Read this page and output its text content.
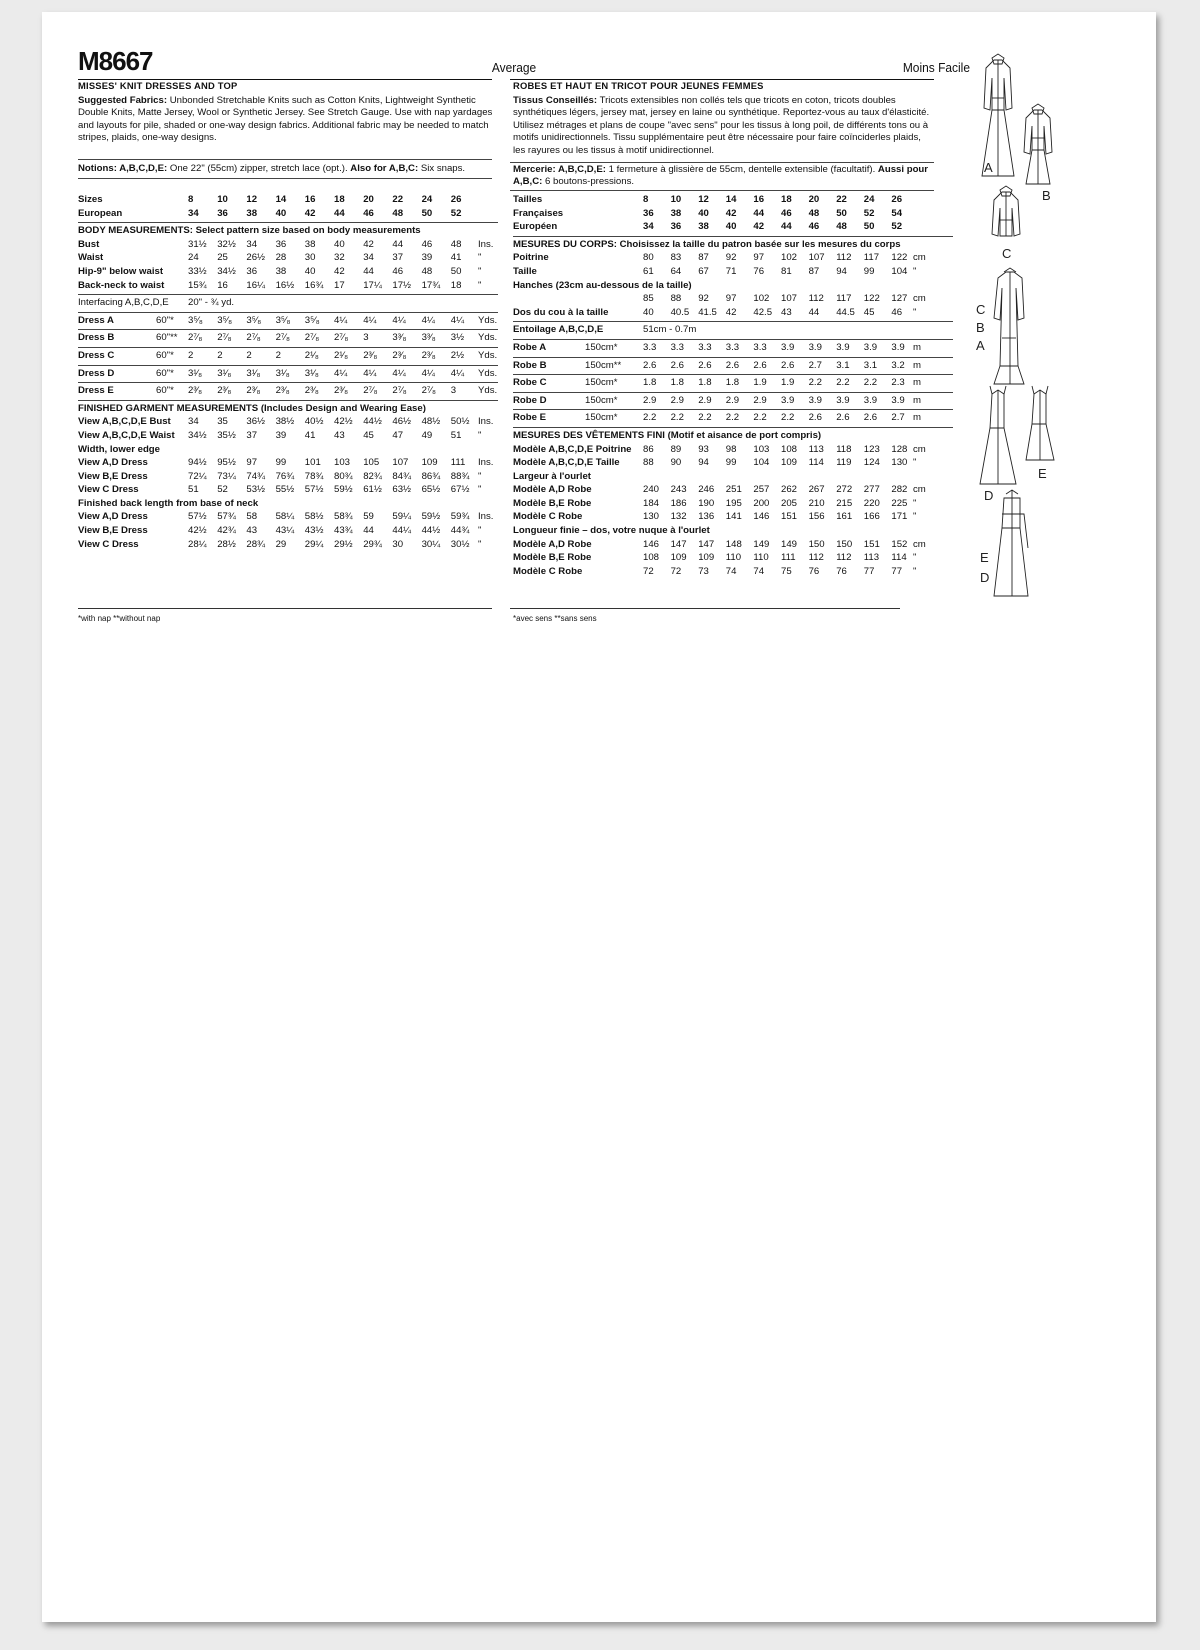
M8667	Average	Moins Facile
MISSES' KNIT DRESSES AND TOP	ROBES ET HAUT EN TRICOT POUR JEUNES FEMMES
Suggested Fabrics: Unbonded Stretchable Knits such as Cotton Knits, Lightweight Synthetic Double Knits, Matte Jersey, Wool or Synthetic Jersey. See Stretch Gauge. Use with nap yardages and layouts for pile, shaded or one-way design fabrics. Additional fabric may be needed to match stripes, plaids, one-way designs.
Notions: A,B,C,D,E: One 22" (55cm) zipper, stretch lace (opt.). Also for A,B,C: Six snaps.
Sizes	8 10 12 14 16 18 20 22 24 26
European	34 36 38 40 42 44 46 48 50 52
BODY MEASUREMENTS: Select pattern size based on body measurements
Bust	31½ 32½ 34 36 38 40 42 44 46 48 Ins.
Waist	24 25 26½ 28 30 32 34 37 39 41 "
Hip-9" below waist	33½ 34½ 36 38 40 42 44 46 48 50 "
Back-neck to waist 15¾ 16 16¼ 16½ 16¾ 17 17¼ 17½ 17¾ 18 "
Interfacing A,B,C,D,E 20" - ¾ yd.
Dress A	60"* 3⁵⁄₈ 3⁵⁄₈ 3⁵⁄₈ 3⁵⁄₈ 3⁵⁄₈ 4¼ 4¼ 4¼ 4¼ 4¼ Yds.
Dress B	60"** 2⁷⁄₈ 2⁷⁄₈ 2⁷⁄₈ 2⁷⁄₈ 2⁷⁄₈ 2⁷⁄₈ 3 3³⁄₈ 3³⁄₈ 3½ Yds.
Dress C	60"* 2 2 2 2 2¹⁄₈ 2¹⁄₈ 2³⁄₈ 2³⁄₈ 2³⁄₈ 2½ Yds.
Dress D	60"* 3¹⁄₈ 3¹⁄₈ 3¹⁄₈ 3¹⁄₈ 3¹⁄₈ 4¼ 4¼ 4¼ 4¼ 4¼ Yds.
Dress E	60"* 2³⁄₈ 2³⁄₈ 2³⁄₈ 2³⁄₈ 2³⁄₈ 2³⁄₈ 2⁷⁄₈ 2⁷⁄₈ 2⁷⁄₈ 3 Yds.
FINISHED GARMENT MEASUREMENTS (Includes Design and Wearing Ease)
View A,B,C,D,E Bust 34 35 36½ 38½ 40½ 42½ 44½ 46½ 48½ 50½ Ins.
View A,B,C,D,E Waist 34½ 35½ 37 39 41 43 45 47 49 51 "
Width, lower edge
View A,D Dress	94½ 95½ 97 99 101 103 105 107 109 111 Ins.
View B,E Dress	72¼ 73¼ 74¾ 76¾ 78¾ 80¾ 82¾ 84¾ 86¾ 88¾ "
View C Dress	51 52 53½ 55½ 57½ 59½ 61½ 63½ 65½ 67½ "
Finished back length from base of neck
View A,D Dress	57½ 57¾ 58 58¼ 58½ 58¾ 59 59¼ 59½ 59¾ Ins.
View B,E Dress	42½ 42¾ 43 43¼ 43½ 43¾ 44 44¼ 44½ 44¾ "
View C Dress	28¼ 28½ 28¾ 29 29¼ 29½ 29¾ 30 30¼ 30½ "
Tissus Conseillés: Tricots extensibles non collés tels que tricots en coton, tricots doubles synthétiques légers, jersey mat, jersey en laine ou synthétique. Reportez-vous au taux d'élasticité. Utilisez métrages et plans de coupe "avec sens" pour les tissus à long poil, de différents tons ou à motifs unidirectionnels. Tissu supplémentaire peut être nécessaire pour faire coïnciderles plaids, les rayures ou les tissus à motif unidirectionnel.
Mercerie: A,B,C,D,E: 1 fermeture à glissière de 55cm, dentelle extensible (facultatif). Aussi pour A,B,C: 6 boutons-pressions.
Tailles	8 10 12 14 16 18 20 22 24 26
Françaises	36 38 40 42 44 46 48 50 52 54
Européen	34 36 38 40 42 44 46 48 50 52
MESURES DU CORPS: Choisissez la taille du patron basée sur les mesures du corps
Poitrine	80 83 87 92 97 102 107 112 117 122 cm
Taille	61 64 67 71 76 81 87 94 99 104 "
Hanches (23cm au-dessous de la taille)
85 88 92 97 102 107 112 117 122 127 cm
Dos du cou à la taille	40 40.5 41.5 42 42.5 43 44 44.5 45 46 "
Entoilage A,B,C,D,E	51cm - 0.7m
Robe A	150cm*	3.3 3.3 3.3 3.3 3.3 3.9 3.9 3.9 3.9 3.9 m
Robe B	150cm** 2.6 2.6 2.6 2.6 2.6 2.6 2.7 3.1 3.1 3.2 m
Robe C	150cm*	1.8 1.8 1.8 1.8 1.9 1.9 2.2 2.2 2.2 2.3 m
Robe D	150cm*	2.9 2.9 2.9 2.9 2.9 3.9 3.9 3.9 3.9 3.9 m
Robe E	150cm*	2.2 2.2 2.2 2.2 2.2 2.2 2.6 2.6 2.6 2.7 m
MESURES DES VÊTEMENTS FINI (Motif et aisance de port compris)
Modèle A,B,C,D,E Poitrine 86 89 93 98 103 108 113 118 123 128 cm
Modèle A,B,C,D,E Taille 88 90 94 99 104 109 114 119 124 130 "
Largeur à l'ourlet
Modèle A,D Robe	240 243 246 251 257 262 267 272 277 282 cm
Modèle B,E Robe	184 186 190 195 200 205 210 215 220 225 "
Modèle C Robe	130 132 136 141 146 151 156 161 166 171 "
Longueur finie – dos, votre nuque à l'ourlet
Modèle A,D Robe	146 147 147 148 149 149 150 150 151 152 cm
Modèle B,E Robe	108 109 109 110 110 111 112 112 113 114 "
Modèle C Robe	72 72 73 74 74 75 76 76 77 77 "
*with nap **without nap	*avec sens **sans sens
A
B
C
C
B
A
D
E
E
D
